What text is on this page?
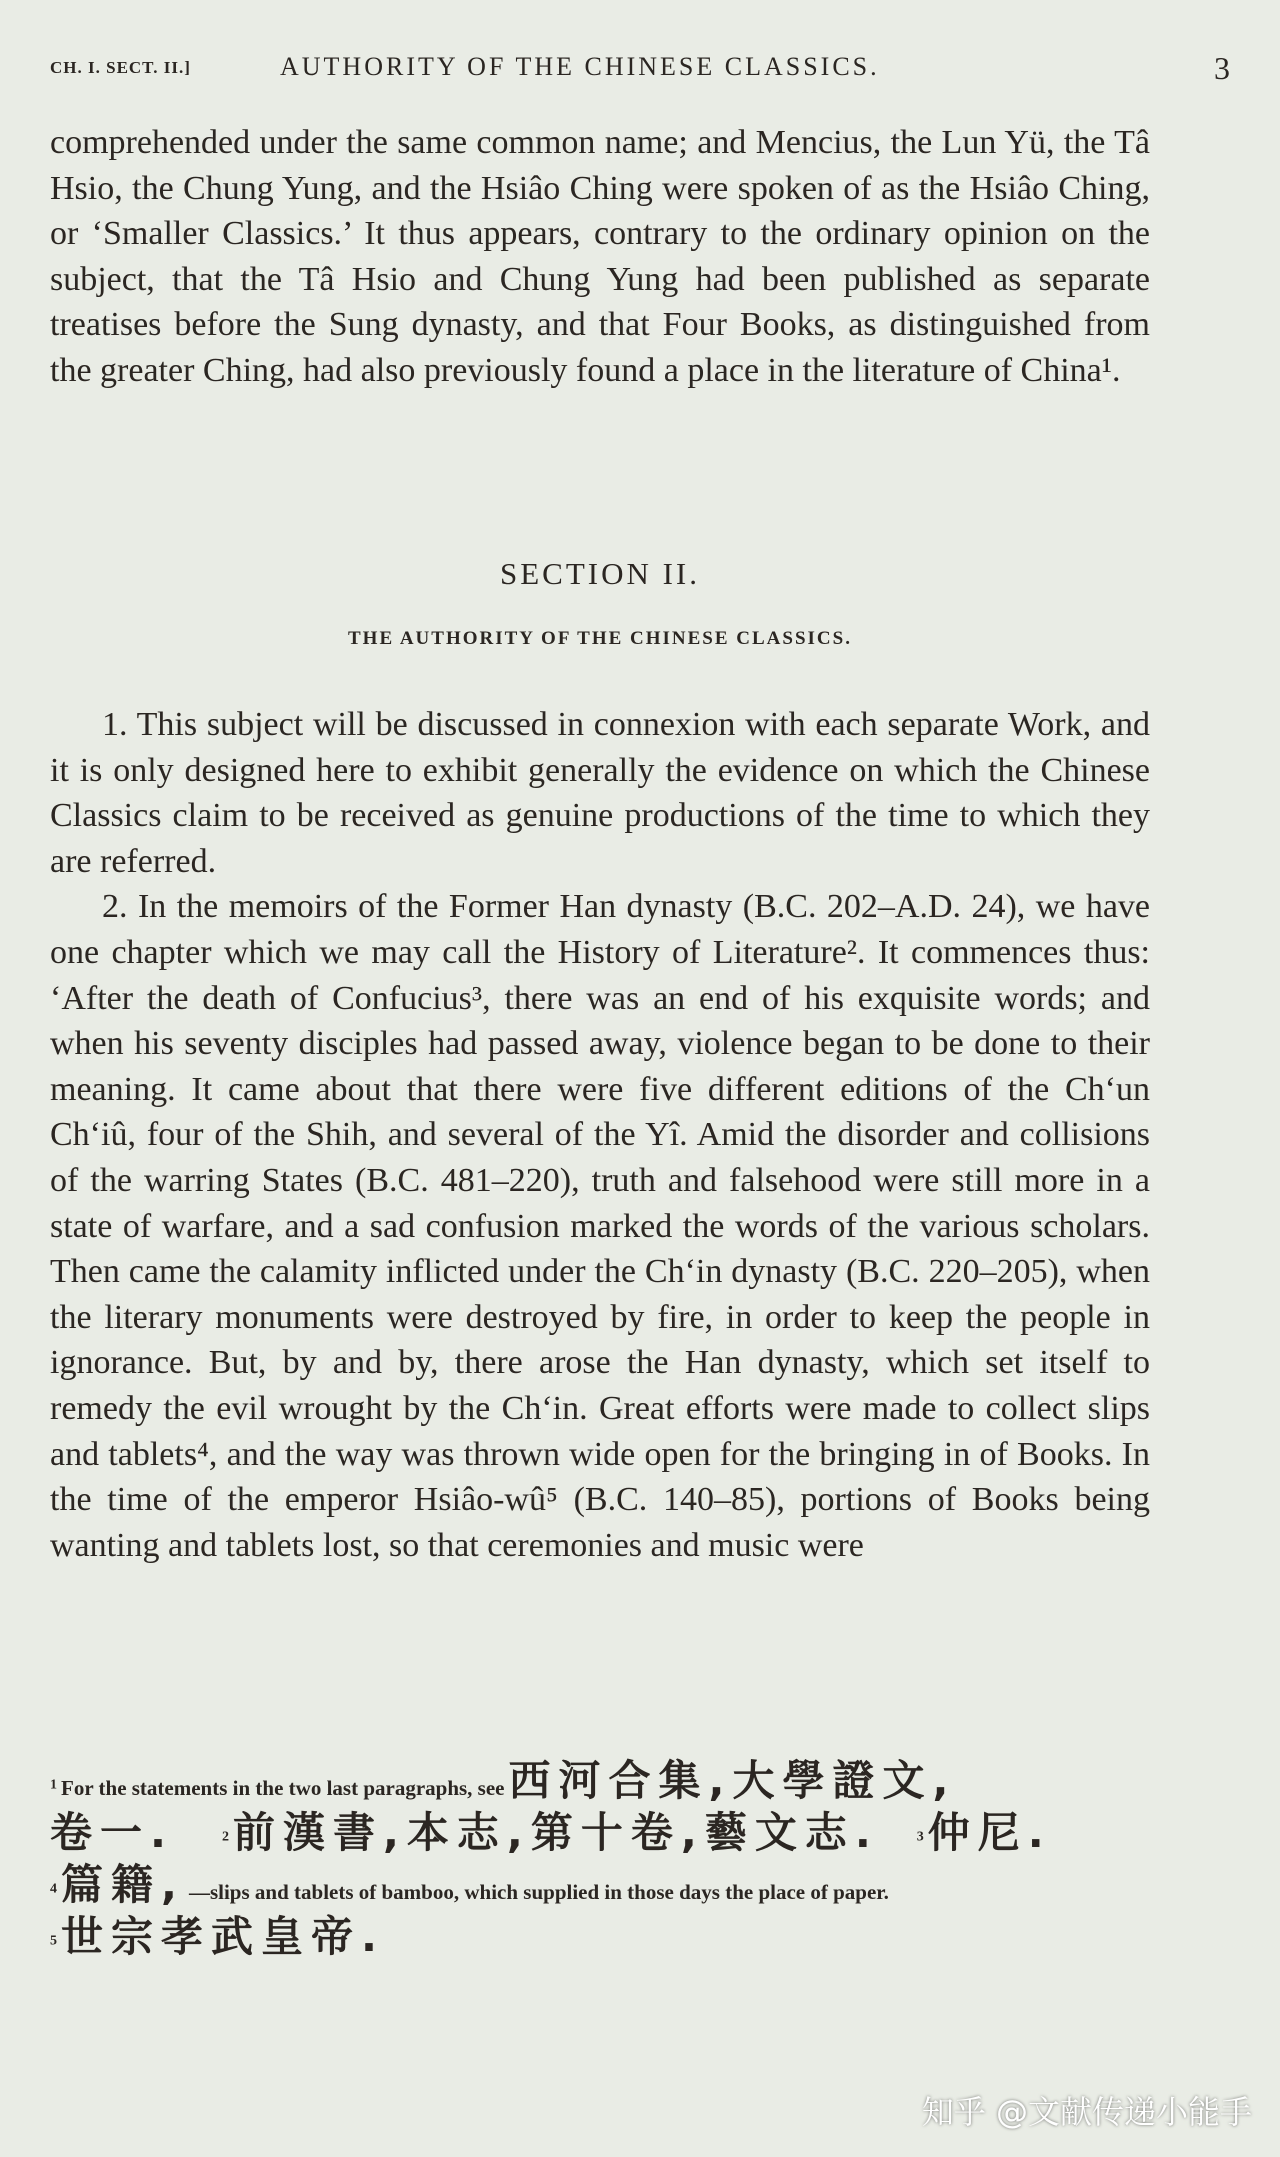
CH. I. SECT. II.]	AUTHORITY OF THE CHINESE CLASSICS.	3

comprehended under the same common name; and Mencius, the Lun Yü, the Tâ Hsio, the Chung Yung, and the Hsiâo Ching were spoken of as the Hsiâo Ching, or ‘Smaller Classics.’ It thus appears, contrary to the ordinary opinion on the subject, that the Tâ Hsio and Chung Yung had been published as separate treatises before the Sung dynasty, and that Four Books, as distinguished from the greater Ching, had also previously found a place in the literature of China¹.

SECTION II.
THE AUTHORITY OF THE CHINESE CLASSICS.

1. This subject will be discussed in connexion with each separate Work, and it is only designed here to exhibit generally the evidence on which the Chinese Classics claim to be received as genuine productions of the time to which they are referred.

2. In the memoirs of the Former Han dynasty (B.C. 202–A.D. 24), we have one chapter which we may call the History of Literature². It commences thus: ‘After the death of Confucius³, there was an end of his exquisite words; and when his seventy disciples had passed away, violence began to be done to their meaning. It came about that there were five different editions of the Ch‘un Ch‘iû, four of the Shih, and several of the Yî. Amid the disorder and collisions of the warring States (B.C. 481–220), truth and falsehood were still more in a state of warfare, and a sad confusion marked the words of the various scholars. Then came the calamity inflicted under the Ch‘in dynasty (B.C. 220–205), when the literary monuments were destroyed by fire, in order to keep the people in ignorance. But, by and by, there arose the Han dynasty, which set itself to remedy the evil wrought by the Ch‘in. Great efforts were made to collect slips and tablets⁴, and the way was thrown wide open for the bringing in of Books. In the time of the emperor Hsiâo-wû⁵ (B.C. 140–85), portions of Books being wanting and tablets lost, so that ceremonies and music were

1 For the statements in the two last paragraphs, see 西河合集,大學證文,
卷一.	2 前漢書,本志,第十卷,藝文志.	3 仲尼.
4 篇籍, —slips and tablets of bamboo, which supplied in those days the place of paper.
5 世宗孝武皇帝.
知乎 @文献传递小能手
